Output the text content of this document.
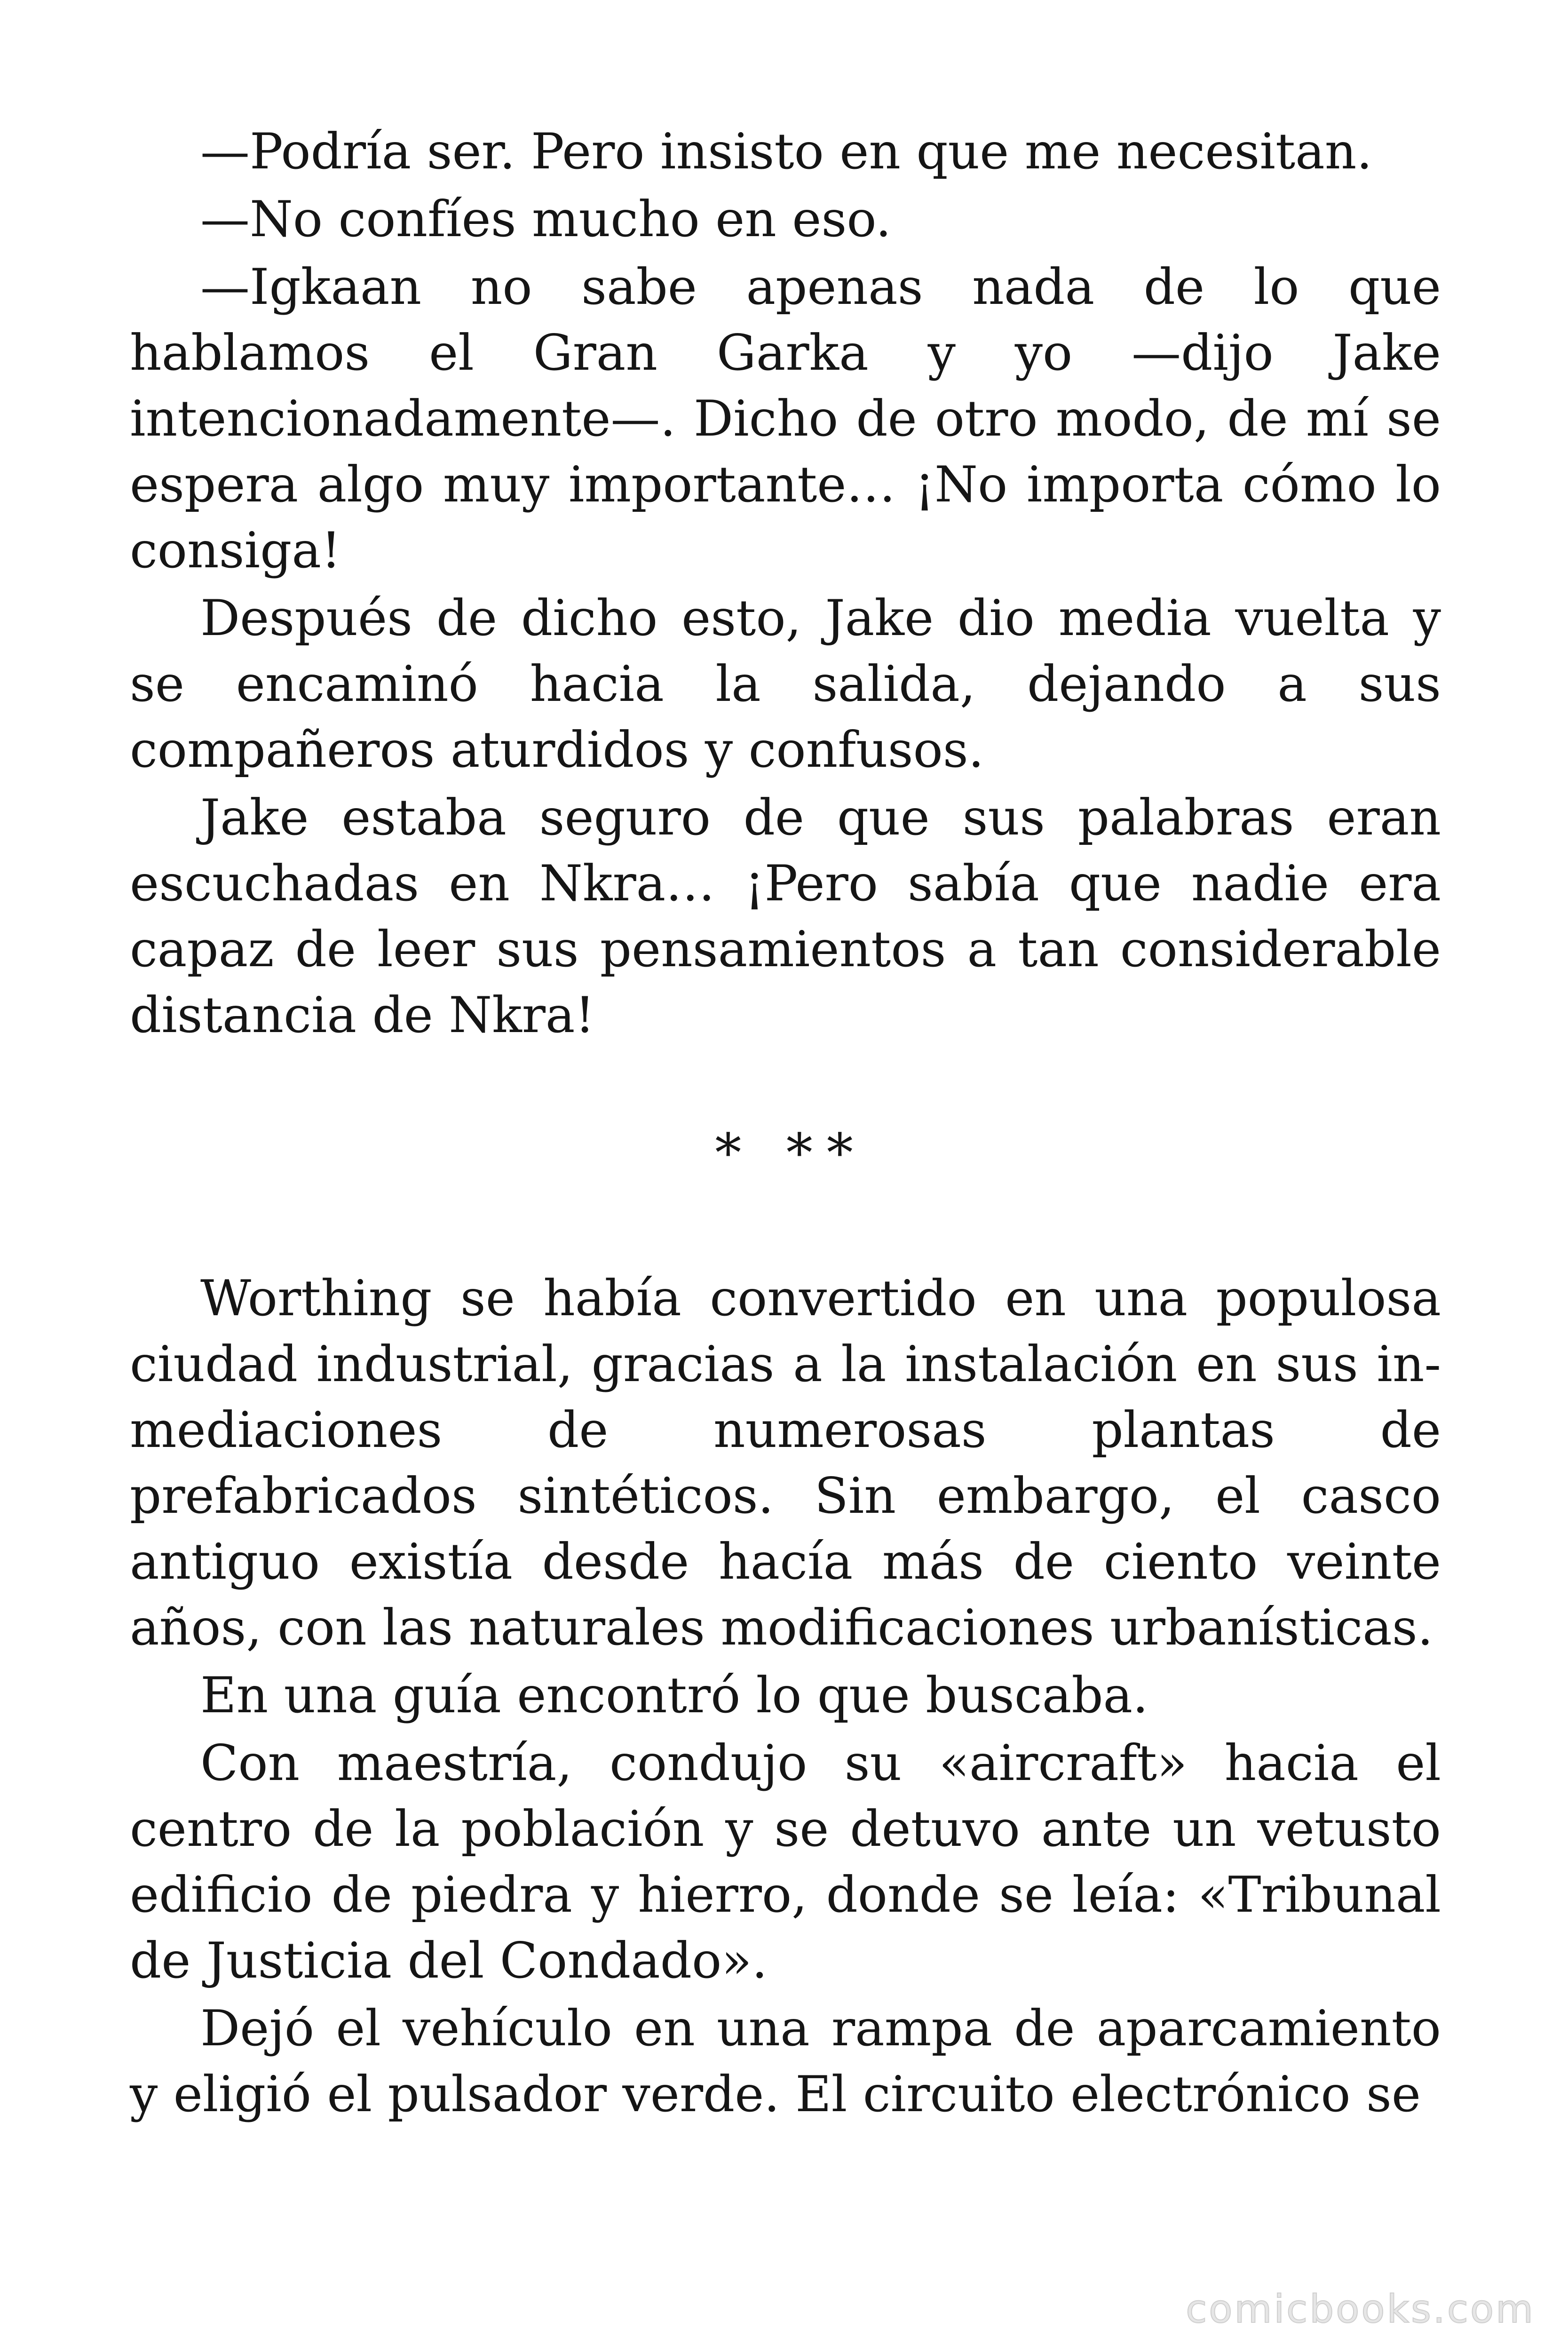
—Podría ser. Pero insisto en que me necesitan.

—No confíes mucho en eso.

—Igkaan no sabe apenas nada de lo que hablamos el Gran Garka y yo —dijo Jake intencionadamente—. Dicho de otro modo, de mí se espera algo muy importante… ¡No importa cómo lo consiga!

Después de dicho esto, Jake dio media vuelta y se encaminó hacia la salida, dejando a sus compañeros aturdidos y confusos.

Jake estaba seguro de que sus palabras eran escuchadas en Nkra… ¡Pero sabía que nadie era capaz de leer sus pensamientos a tan considerable distancia de Nkra!

* **

Worthing se había convertido en una populosa ciudad industrial, gracias a la instalación en sus inmediaciones de numerosas plantas de prefabricados sintéticos. Sin embargo, el casco antiguo existía desde hacía más de ciento veinte años, con las naturales modificaciones urbanísticas.

En una guía encontró lo que buscaba.

Con maestría, condujo su «aircraft» hacia el centro de la población y se detuvo ante un vetusto edificio de piedra y hierro, donde se leía: «Tribunal de Justicia del Condado».

Dejó el vehículo en una rampa de aparcamiento y eligió el pulsador verde. El circuito electrónico se

comicbooks.com
